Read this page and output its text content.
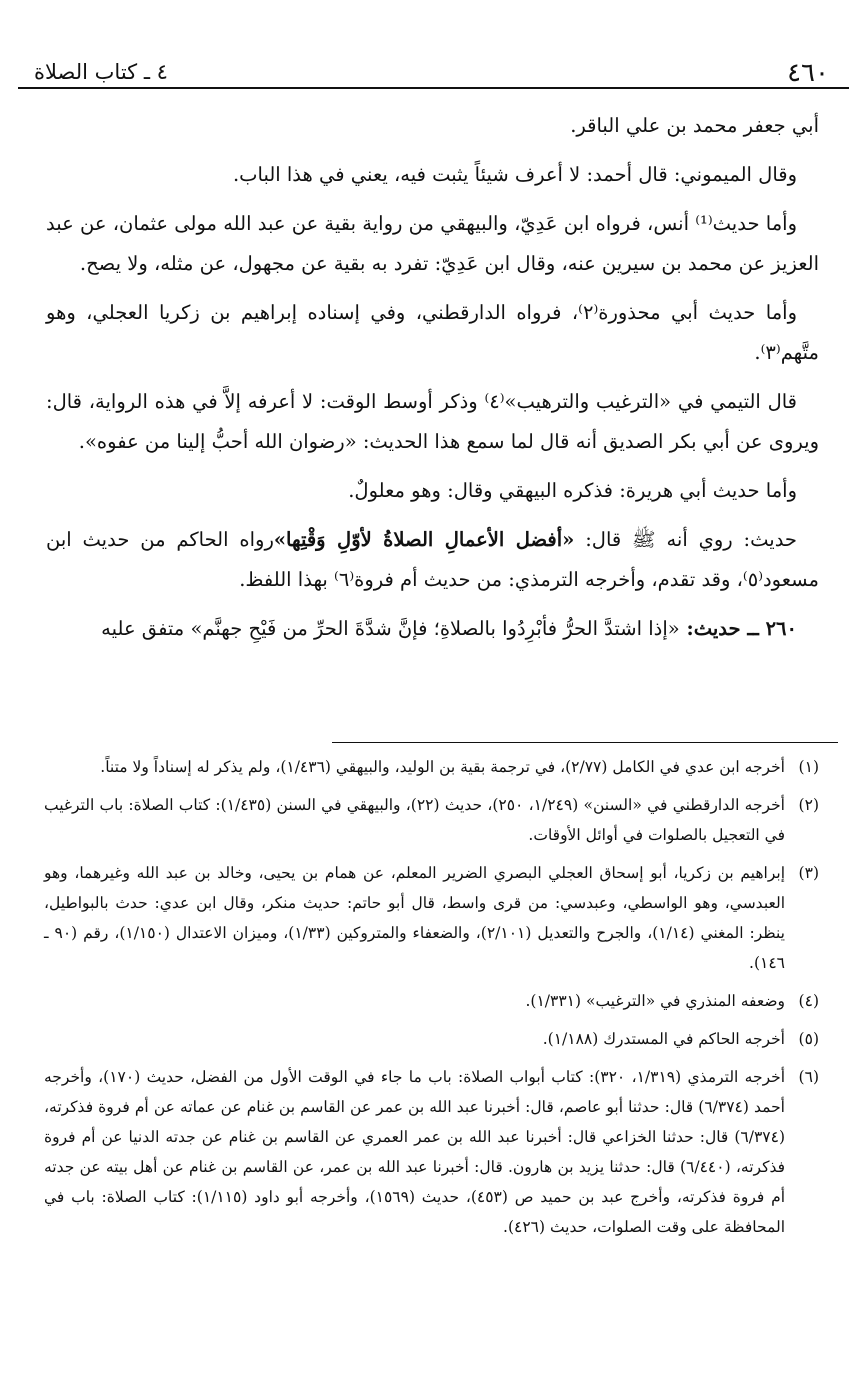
٤٦٠
٤ ـ كتاب الصلاة

أبي جعفر محمد بن علي الباقر.

وقال الميموني: قال أحمد: لا أعرف شيئاً يثبت فيه، يعني في هذا الباب.

وأما حديث⁽¹⁾ أنس، فرواه ابن عَدِيّ، والبيهقي من رواية بقية عن عبد الله مولى عثمان، عن عبد العزيز عن محمد بن سيرين عنه، وقال ابن عَدِيّ: تفرد به بقية عن مجهول، عن مثله، ولا يصح.

وأما حديث أبي محذورة⁽٢⁾، فرواه الدارقطني، وفي إسناده إبراهيم بن زكريا العجلي، وهو متَّهم⁽٣⁾.

قال التيمي في «الترغيب والترهيب»⁽٤⁾ وذكر أوسط الوقت: لا أعرفه إلاَّ في هذه الرواية، قال: ويروى عن أبي بكر الصديق أنه قال لما سمع هذا الحديث: «رضوان الله أحبُّ إلينا من عفوه».

وأما حديث أبي هريرة: فذكره البيهقي وقال: وهو معلولٌ.

حديث: روي أنه ﷺ قال: «أفضل الأعمالِ الصلاةُ لأوّلِ وَقْتِها»رواه الحاكم من حديث ابن مسعود⁽٥⁾، وقد تقدم، وأخرجه الترمذي: من حديث أم فروة⁽٦⁾ بهذا اللفظ.

٢٦٠ ــ حديث: «إذا اشتدَّ الحرُّ فأبْرِدُوا بالصلاةِ؛ فإنَّ شدَّةَ الحرِّ من فَيْحِ جهنَّم» متفق عليه

(١)
أخرجه ابن عدي في الكامل (٢/٧٧)، في ترجمة بقية بن الوليد، والبيهقي (١/٤٣٦)، ولم يذكر له إسناداً ولا متناً.
(٢)
أخرجه الدارقطني في «السنن» (١/٢٤٩، ٢٥٠)، حديث (٢٢)، والبيهقي في السنن (١/٤٣٥): كتاب الصلاة: باب الترغيب في التعجيل بالصلوات في أوائل الأوقات.
(٣)
إبراهيم بن زكريا، أبو إسحاق العجلي البصري الضرير المعلم، عن همام بن يحيى، وخالد بن عبد الله وغيرهما، وهو العبدسي، وهو الواسطي، وعبدسي: من قرى واسط، قال أبو حاتم: حديث منكر، وقال ابن عدي: حدث بالبواطيل، ينظر: المغني (١/١٤)، والجرح والتعديل (٢/١٠١)، والضعفاء والمتروكين (١/٣٣)، وميزان الاعتدال (١/١٥٠)، رقم (٩٠ ـ ١٤٦).
(٤)
وضعفه المنذري في «الترغيب» (١/٣٣١).
(٥)
أخرجه الحاكم في المستدرك (١/١٨٨).
(٦)
أخرجه الترمذي (١/٣١٩، ٣٢٠): كتاب أبواب الصلاة: باب ما جاء في الوقت الأول من الفضل، حديث (١٧٠)، وأخرجه أحمد (٦/٣٧٤) قال: حدثنا أبو عاصم، قال: أخبرنا عبد الله بن عمر عن القاسم بن غنام عن عماته عن أم فروة فذكرته، (٦/٣٧٤) قال: حدثنا الخزاعي قال: أخبرنا عبد الله بن عمر العمري عن القاسم بن غنام عن جدته الدنيا عن أم فروة فذكرته، (٦/٤٤٠) قال: حدثنا يزيد بن هارون. قال: أخبرنا عبد الله بن عمر، عن القاسم بن غنام عن أهل بيته عن جدته أم فروة فذكرته، وأخرج عبد بن حميد ص (٤٥٣)، حديث (١٥٦٩)، وأخرجه أبو داود (١/١١٥): كتاب الصلاة: باب في المحافظة على وقت الصلوات، حديث (٤٢٦).
